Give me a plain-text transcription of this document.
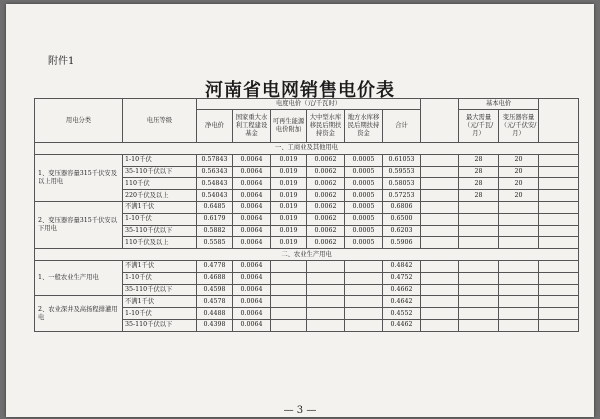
附件1
河南省电网销售电价表
— 3 —
用电分类	电压等级	电度电价（元/千瓦时）							基本电价		
		净电价	国家重大水利工程建设基金	可再生能源电价附加	大中型水库移民后期扶持资金	地方水库移民后期扶持资金	合计		最大需量（元/千瓦/月）	变压器容量（元/千伏安/月）	
一、工商业及其他用电											
1、变压器容量315千伏安及以上用电	1-10千伏	0.57843	0.0064	0.019	0.0062	0.0005	0.61053		28	20	
	35-110千伏以下	0.56343	0.0064	0.019	0.0062	0.0005	0.59553		28	20	
	110千伏	0.54843	0.0064	0.019	0.0062	0.0005	0.58053		28	20	
	220千伏及以上	0.54043	0.0064	0.019	0.0062	0.0005	0.57253		28	20	
2、变压器容量315千伏安以下用电	不满1千伏	0.6485	0.0064	0.019	0.0062	0.0005	0.6806				
	1-10千伏	0.6179	0.0064	0.019	0.0062	0.0005	0.6500				
	35-110千伏以下	0.5882	0.0064	0.019	0.0062	0.0005	0.6203				
	110千伏及以上	0.5585	0.0064	0.019	0.0062	0.0005	0.5906				
二、农业生产用电											
1、一般农业生产用电	不满1千伏	0.4778	0.0064				0.4842				
	1-10千伏	0.4688	0.0064				0.4752				
	35-110千伏以下	0.4598	0.0064				0.4662				
2、农业深井及高扬程排灌用电	不满1千伏	0.4578	0.0064				0.4642				
	1-10千伏	0.4488	0.0064				0.4552				
	35-110千伏以下	0.4398	0.0064				0.4462				
